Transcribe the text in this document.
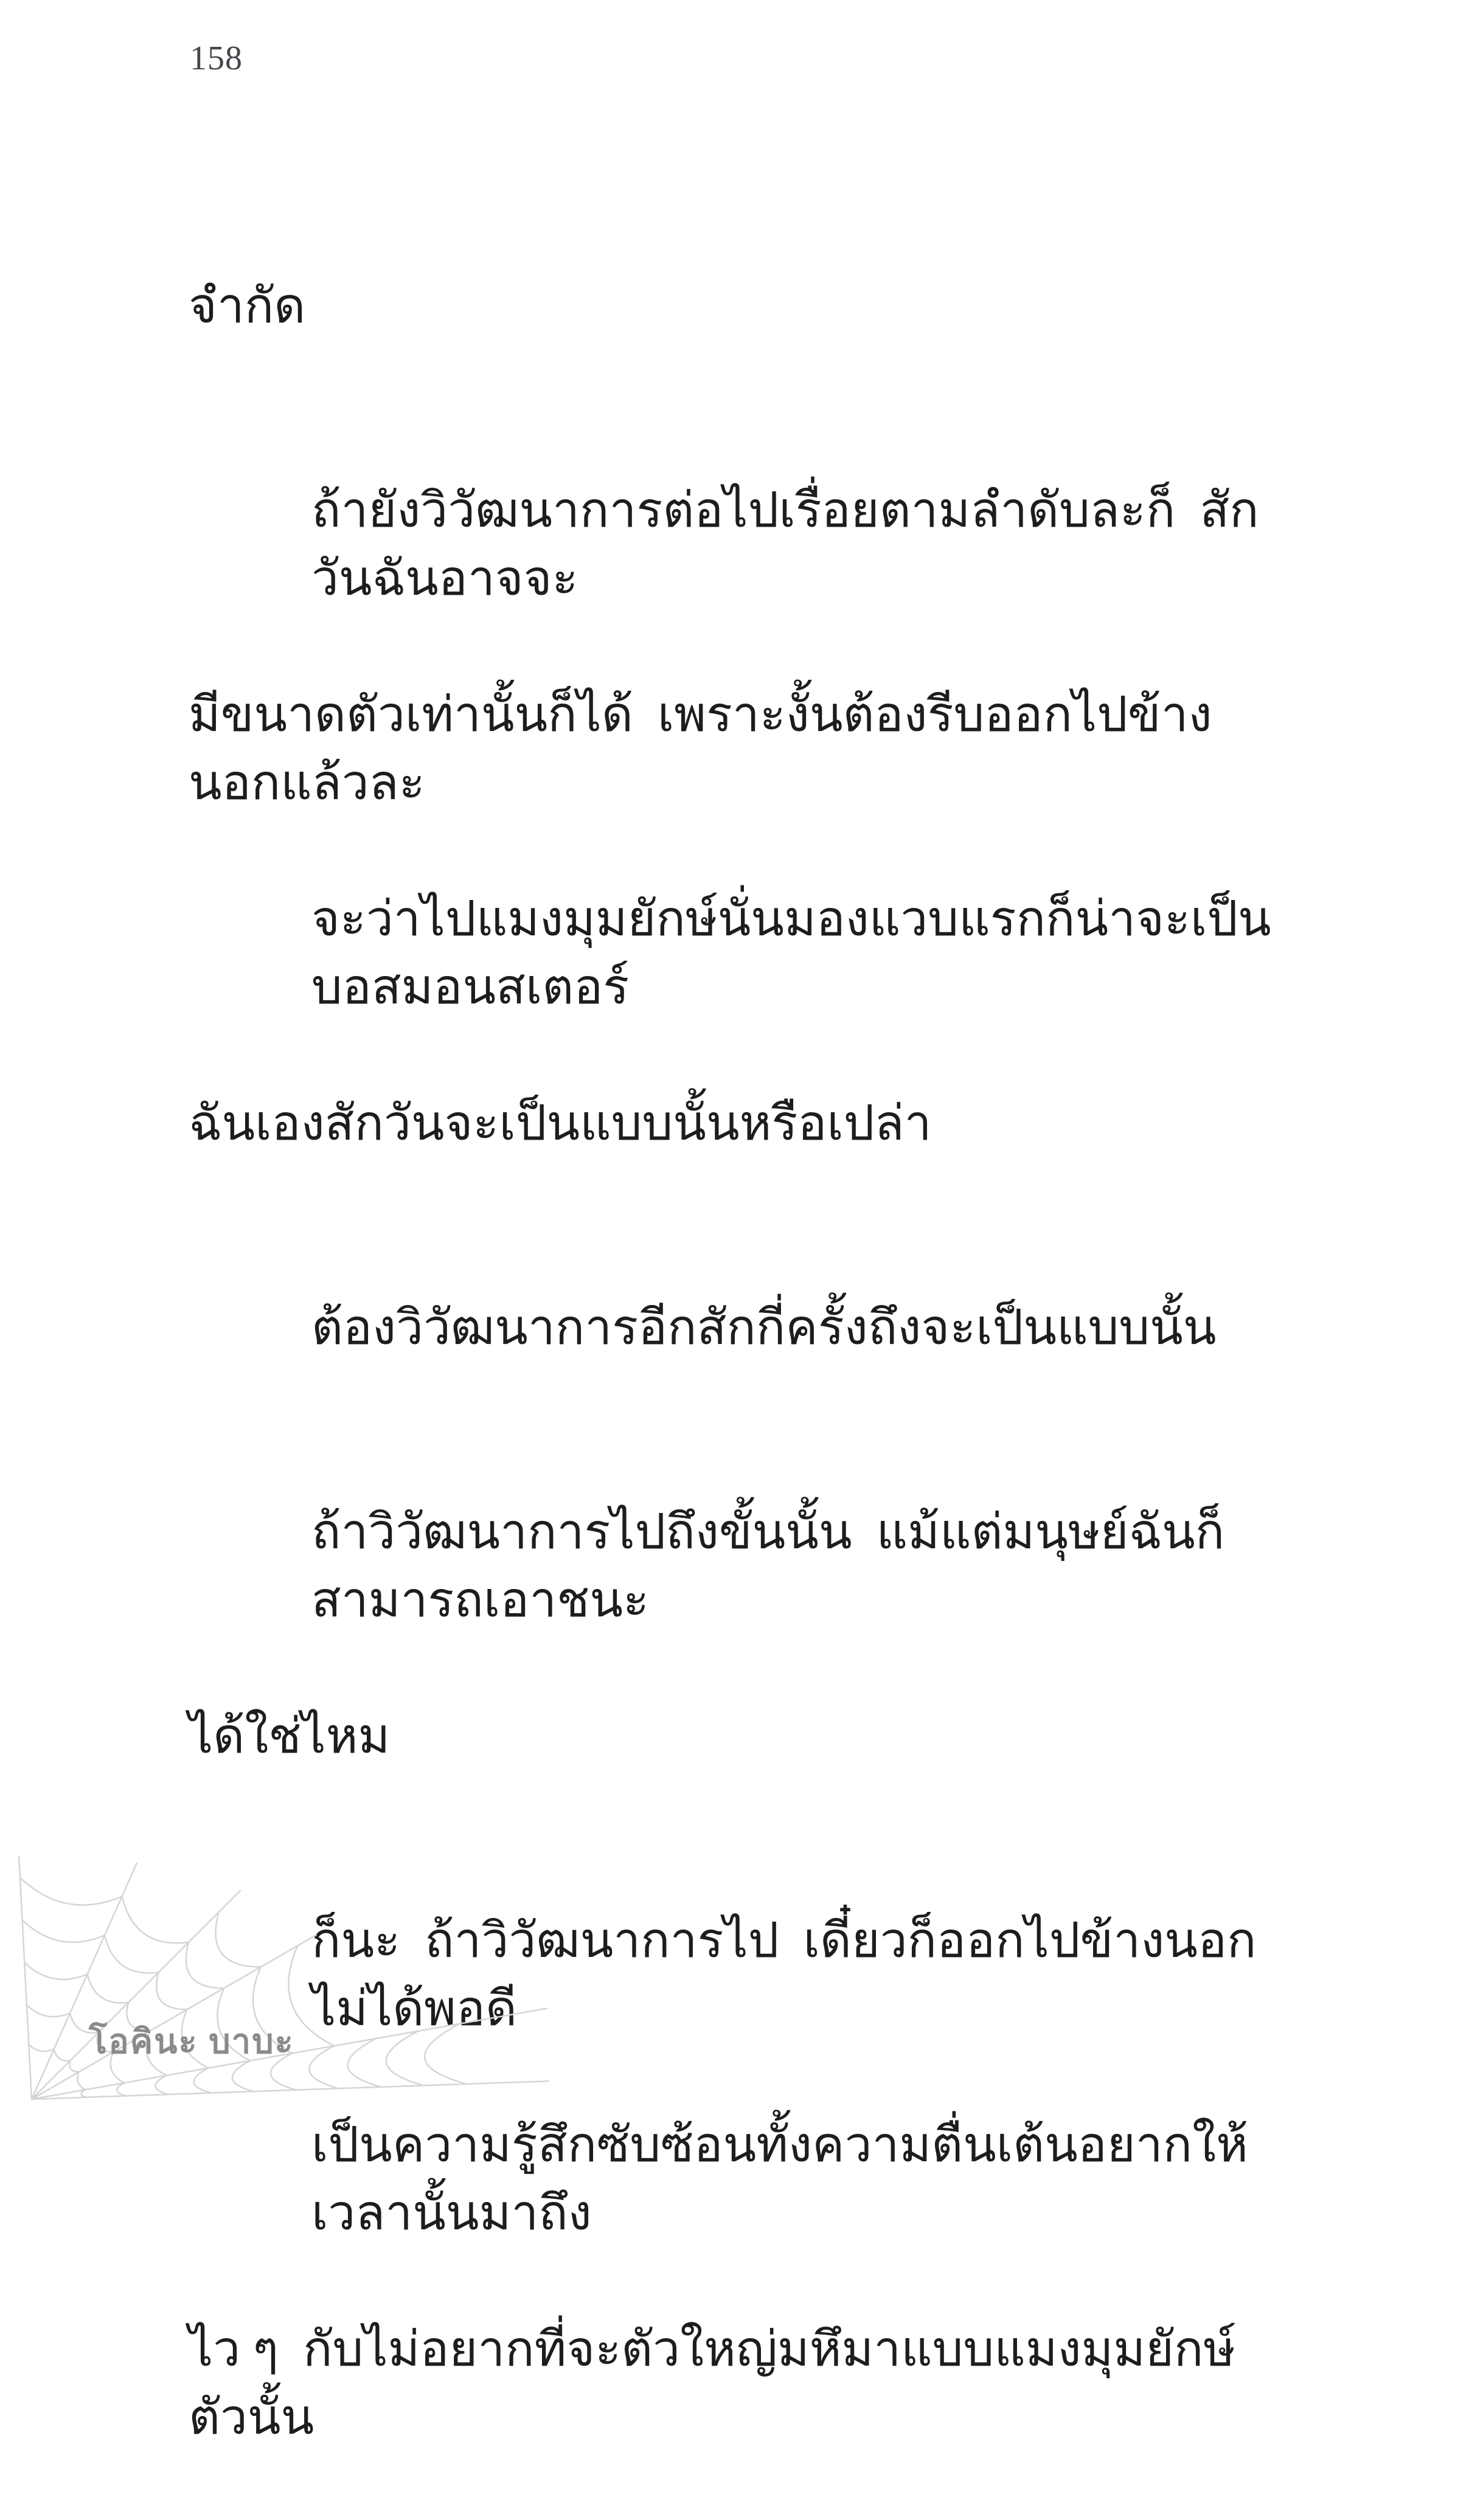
158

จำกัด

ถ้ายังวิวัฒนาการต่อไปเรื่อยตามลำดับละก็  สักวันฉันอาจจะ

มีขนาดตัวเท่านั้นก็ได้  เพราะงั้นต้องรีบออกไปข้างนอกแล้วละ

จะว่าไปแมงมุมยักษ์นั่นมองแวบแรกก็น่าจะเป็นบอสมอนสเตอร์

ฉันเองสักวันจะเป็นแบบนั้นหรือเปล่า

ต้องวิวัฒนาการอีกสักกี่ครั้งถึงจะเป็นแบบนั้น

ถ้าวิวัฒนาการไปถึงขั้นนั้น  แม้แต่มนุษย์ฉันก็สามารถเอาชนะ

ได้ใช่ไหม

ก็นะ  ถ้าวิวัฒนาการไป  เดี๋ยวก็ออกไปข้างนอกไม่ได้พอดี

เป็นความรู้สึกซับซ้อนทั้งความตื่นเต้นอยากให้เวลานั้นมาถึง

ไว ๆ  กับไม่อยากที่จะตัวใหญ่มหึมาแบบแมงมุมยักษ์ตัวนั้น

โอคินะ บาบะ
